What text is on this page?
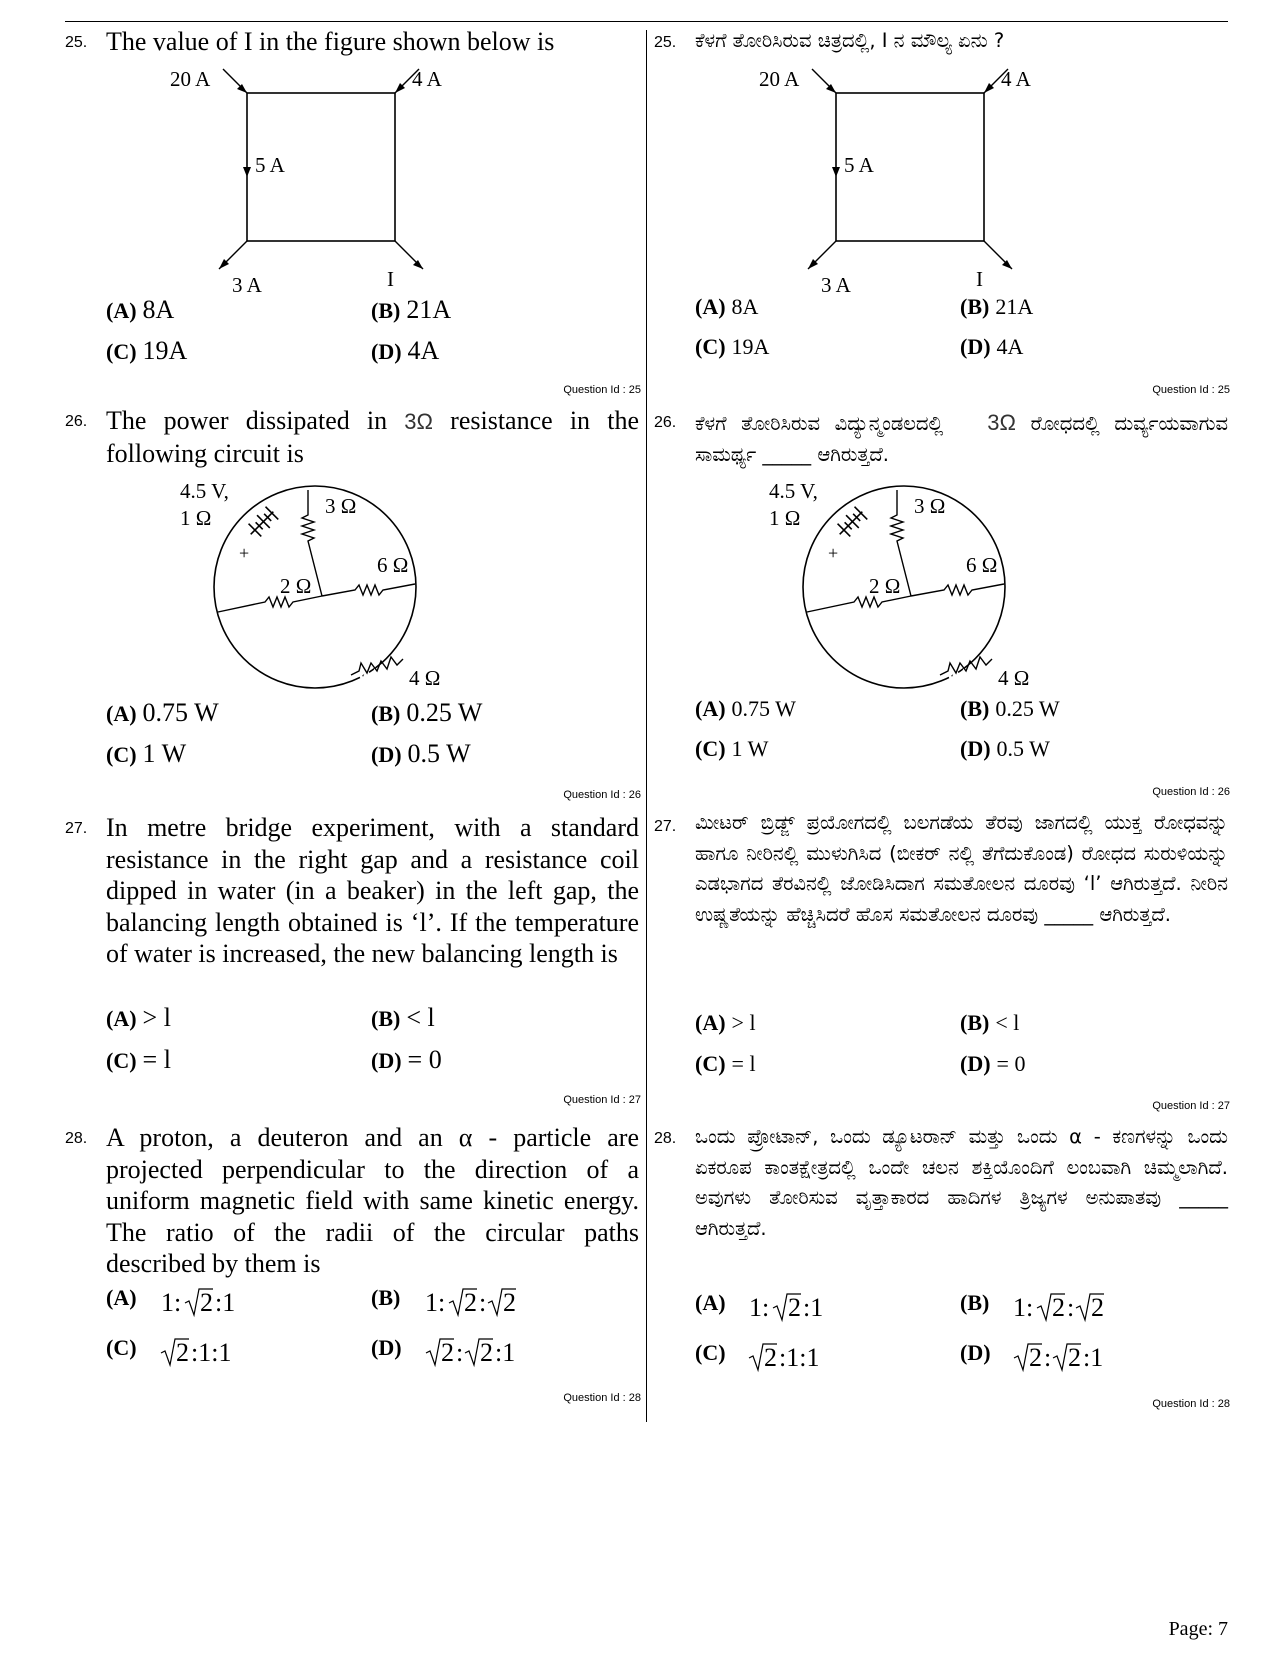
25. The value of I in the figure shown below is
20 A	4 A
5 A
3 A	I
(A) 8A	(B) 21A
(C) 19A	(D) 4A
Question Id : 25
26. The power dissipated in 3Ω resistance in the following circuit is
+
4.5 V,
1 Ω	3 Ω
2 Ω
6 Ω
4 Ω
(A) 0.75 W	(B) 0.25 W
(C) 1 W	(D) 0.5 W
Question Id : 26
27. In metre bridge experiment, with a standard resistance in the right gap and a resistance coil dipped in water (in a beaker) in the left gap, the balancing length obtained is ‘l’. If the temperature of water is increased, the new balancing length is
(A) > l	(B) < l
(C) = l	(D) = 0
Question Id : 27
28. A proton, a deuteron and an α - particle are projected perpendicular to the direction of a uniform magnetic field with same kinetic energy. The ratio of the radii of the circular paths described by them is
(A) 1: 2 :1	(B) 1: 2 : 2
(C) 2 :1:1	(D) 2 : 2 :1
Question Id : 28
25. ಕೆಳಗೆ ತೋರಿಸಿರುವ ಚಿತ್ರದಲ್ಲಿ, I ನ ಮೌಲ್ಯ ಏನು ?
20 A	4 A
5 A
3 A	I
(A) 8A	(B) 21A
(C) 19A	(D) 4A
Question Id : 25
26. ಕೆಳಗೆ ತೋರಿಸಿರುವ ವಿದ್ಯುನ್ಮಂಡಲದಲ್ಲಿ 3Ω ರೋಧದಲ್ಲಿ ದುರ್ವ್ಯಯವಾಗುವ ಸಾಮರ್ಥ್ಯ _____ ಆಗಿರುತ್ತದೆ.
+
4.5 V,
1 Ω	3 Ω
2 Ω
6 Ω
4 Ω
(A) 0.75 W	(B) 0.25 W
(C) 1 W	(D) 0.5 W
Question Id : 26
27. ಮೀಟರ್ ಬ್ರಿಡ್ಜ್ ಪ್ರಯೋಗದಲ್ಲಿ ಬಲಗಡೆಯ ತೆರವು ಜಾಗದಲ್ಲಿ ಯುಕ್ತ ರೋಧವನ್ನು ಹಾಗೂ ನೀರಿನಲ್ಲಿ ಮುಳುಗಿಸಿದ (ಬೀಕರ್ ನಲ್ಲಿ ತೆಗೆದುಕೊಂಡ) ರೋಧದ ಸುರುಳಿಯನ್ನು ಎಡಭಾಗದ ತೆರವಿನಲ್ಲಿ ಜೋಡಿಸಿದಾಗ ಸಮತೋಲನ ದೂರವು ‘l’ ಆಗಿರುತ್ತದೆ. ನೀರಿನ ಉಷ್ಣತೆಯನ್ನು ಹೆಚ್ಚಿಸಿದರೆ ಹೊಸ ಸಮತೋಲನ ದೂರವು _____ ಆಗಿರುತ್ತದೆ.
(A) > l	(B) < l
(C) = l	(D) = 0
Question Id : 27
28. ಒಂದು ಪ್ರೋಟಾನ್, ಒಂದು ಡ್ಯೂಟರಾನ್ ಮತ್ತು ಒಂದು α - ಕಣಗಳನ್ನು ಒಂದು ಏಕರೂಪ ಕಾಂತಕ್ಷೇತ್ರದಲ್ಲಿ ಒಂದೇ ಚಲನ ಶಕ್ತಿಯೊಂದಿಗೆ ಲಂಬವಾಗಿ ಚಿಮ್ಮಲಾಗಿದೆ. ಅವುಗಳು ತೋರಿಸುವ ವೃತ್ತಾಕಾರದ ಹಾದಿಗಳ ತ್ರಿಜ್ಯಗಳ ಅನುಪಾತವು _____ ಆಗಿರುತ್ತದೆ.
(A) 1: 2 :1	(B) 1: 2 : 2
(C) 2 :1:1	(D) 2 : 2 :1
Question Id : 28
Page: 7
